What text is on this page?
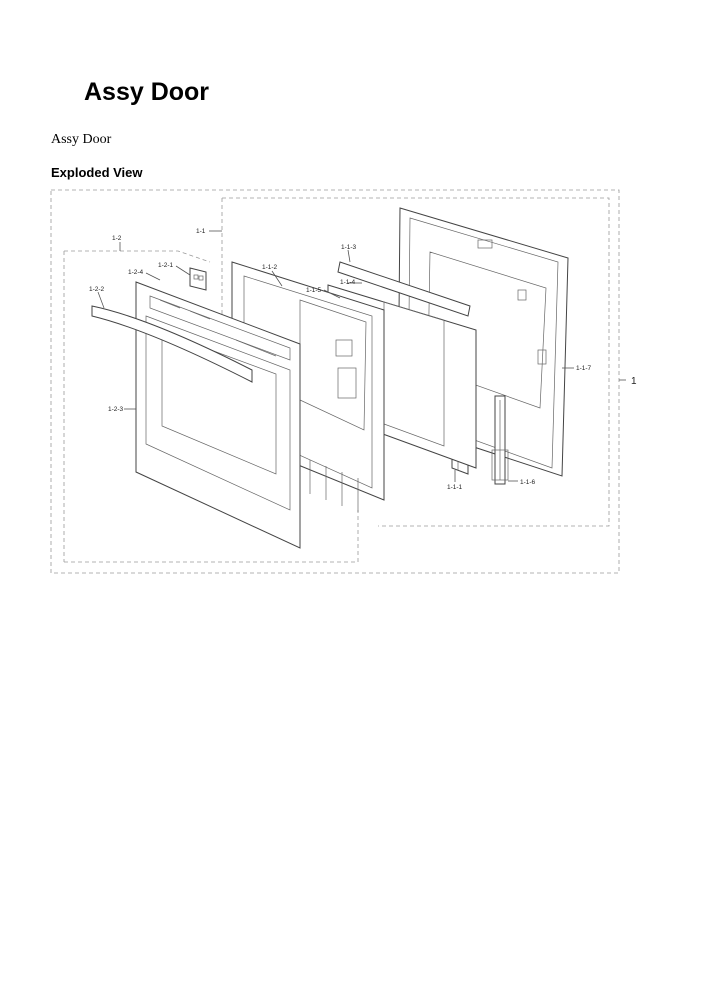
Assy Door

Assy Door

Exploded View
1
1-1
1-2
1-2-1
1-2-4
1-2-2
1-2-3
1-1-2
1-1-5
1-1-3
1-1-4
1-1-1
1-1-6
1-1-7
